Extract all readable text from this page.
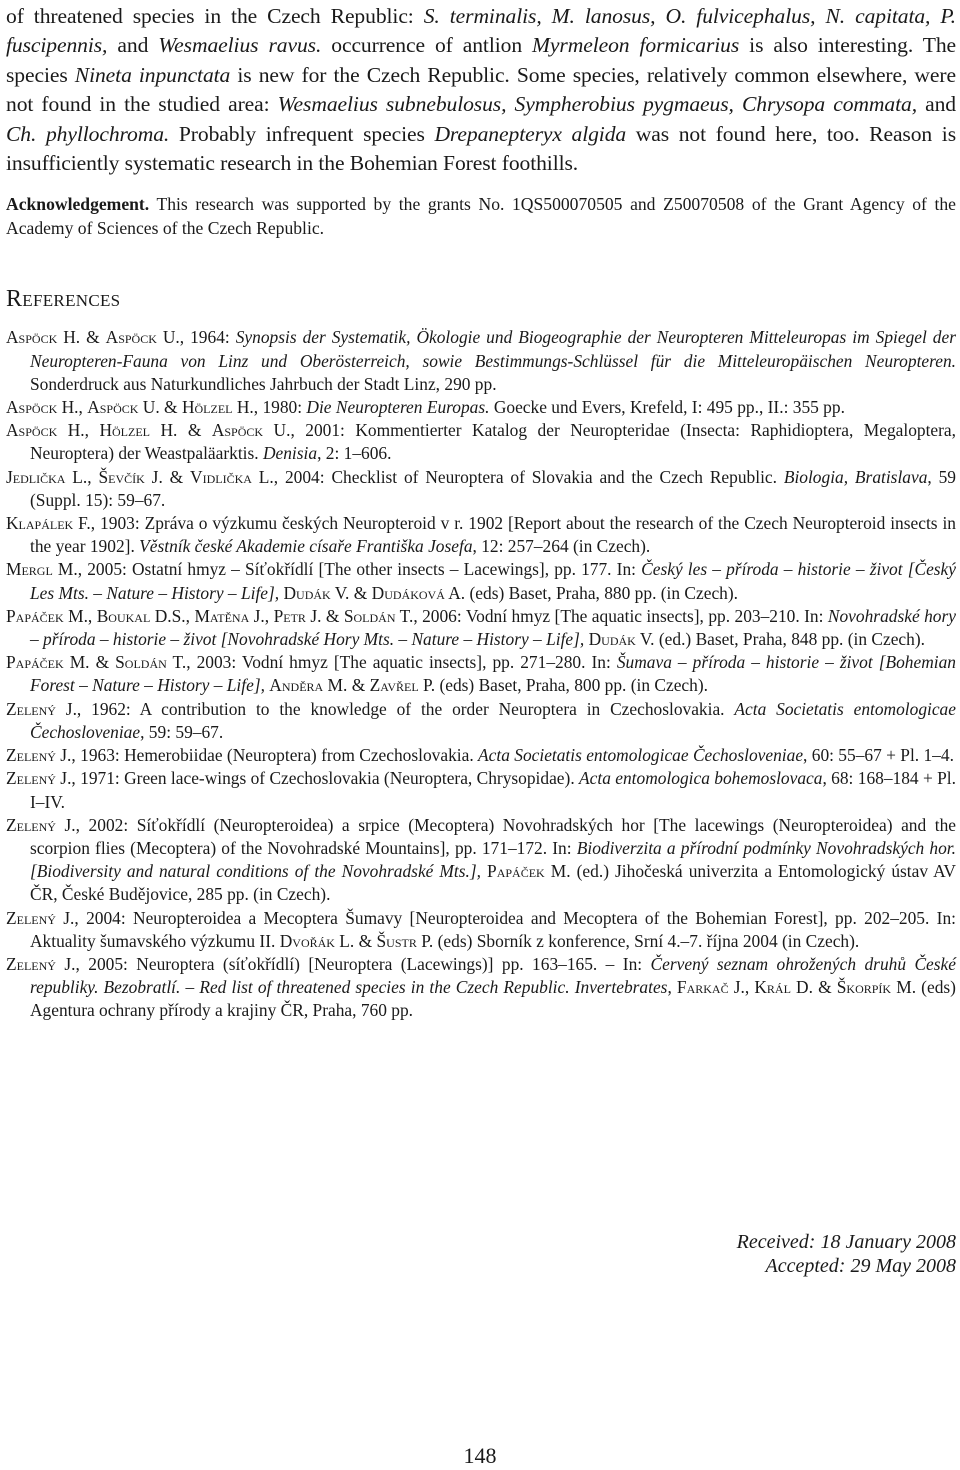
of threatened species in the Czech Republic: S. terminalis, M. lanosus, O. fulvicephalus, N. capitata, P. fuscipennis, and Wesmaelius ravus. occurrence of antlion Myrmeleon formicarius is also interesting. The species Nineta inpunctata is new for the Czech Republic. Some species, relatively common elsewhere, were not found in the studied area: Wesmaelius subnebulosus, Sympherobius pygmaeus, Chrysopa commata, and Ch. phyllochroma. Probably infrequent species Drepanepteryx algida was not found here, too. Reason is insufficiently systematic research in the Bohemian Forest foothills.

Acknowledgement. This research was supported by the grants No. 1QS500070505 and Z50070508 of the Grant Agency of the Academy of Sciences of the Czech Republic.

References

Aspöck H. & Aspöck U., 1964: Synopsis der Systematik, Ökologie und Biogeographie der Neuropteren Mitteleuropas im Spiegel der Neuropteren-Fauna von Linz und Oberösterreich, sowie Bestimmungs-Schlüssel für die Mitteleuropäischen Neuropteren. Sonderdruck aus Naturkundliches Jahrbuch der Stadt Linz, 290 pp.

Aspöck H., Aspöck U. & Hölzel H., 1980: Die Neuropteren Europas. Goecke und Evers, Krefeld, I: 495 pp., II.: 355 pp.

Aspöck H., Hölzel H. & Aspöck U., 2001: Kommentierter Katalog der Neuropteridae (Insecta: Raphidioptera, Megaloptera, Neuroptera) der Weastpaläarktis. Denisia, 2: 1–606.

Jedlička L., Ševčík J. & Vidlička L., 2004: Checklist of Neuroptera of Slovakia and the Czech Republic. Biologia, Bratislava, 59 (Suppl. 15): 59–67.

Klapálek F., 1903: Zpráva o výzkumu českých Neuropteroid v r. 1902 [Report about the research of the Czech Neuropteroid insects in the year 1902]. Věstník české Akademie císaře Františka Josefa, 12: 257–264 (in Czech).

Mergl M., 2005: Ostatní hmyz – Síťokřídlí [The other insects – Lacewings], pp. 177. In: Český les – příroda – historie – život [Český Les Mts. – Nature – History – Life], Dudák V. & Dudáková A. (eds) Baset, Praha, 880 pp. (in Czech).

Papáček M., Boukal D.S., Matěna J., Petr J. & Soldán T., 2006: Vodní hmyz [The aquatic insects], pp. 203–210. In: Novohradské hory – příroda – historie – život [Novohradské Hory Mts. – Nature – History – Life], Dudák V. (ed.) Baset, Praha, 848 pp. (in Czech).

Papáček M. & Soldán T., 2003: Vodní hmyz [The aquatic insects], pp. 271–280. In: Šumava – příroda – historie – život [Bohemian Forest – Nature – History – Life], Anděra M. & Zavřel P. (eds) Baset, Praha, 800 pp. (in Czech).

Zelený J., 1962: A contribution to the knowledge of the order Neuroptera in Czechoslovakia. Acta Societatis entomologicae Čechosloveniae, 59: 59–67.

Zelený J., 1963: Hemerobiidae (Neuroptera) from Czechoslovakia. Acta Societatis entomologicae Čechosloveniae, 60: 55–67 + Pl. 1–4.

Zelený J., 1971: Green lace-wings of Czechoslovakia (Neuroptera, Chrysopidae). Acta entomologica bohemoslovaca, 68: 168–184 + Pl. I–IV.

Zelený J., 2002: Síťokřídlí (Neuropteroidea) a srpice (Mecoptera) Novohradských hor [The lacewings (Neuropteroidea) and the scorpion flies (Mecoptera) of the Novohradské Mountains], pp. 171–172. In: Biodiverzita a přírodní podmínky Novohradských hor. [Biodiversity and natural conditions of the Novohradské Mts.], Papáček M. (ed.) Jihočeská univerzita a Entomologický ústav AV ČR, České Budějovice, 285 pp. (in Czech).

Zelený J., 2004: Neuropteroidea a Mecoptera Šumavy [Neuropteroidea and Mecoptera of the Bohemian Forest], pp. 202–205. In: Aktuality šumavského výzkumu II. Dvořák L. & Šustr P. (eds) Sborník z konference, Srní 4.–7. října 2004 (in Czech).

Zelený J., 2005: Neuroptera (síťokřídlí) [Neuroptera (Lacewings)] pp. 163–165. – In: Červený seznam ohrožených druhů České republiky. Bezobratlí. – Red list of threatened species in the Czech Republic. Invertebrates, Farkač J., Král D. & Škorpík M. (eds) Agentura ochrany přírody a krajiny ČR, Praha, 760 pp.

Received: 18 January 2008
Accepted: 29 May 2008
148
